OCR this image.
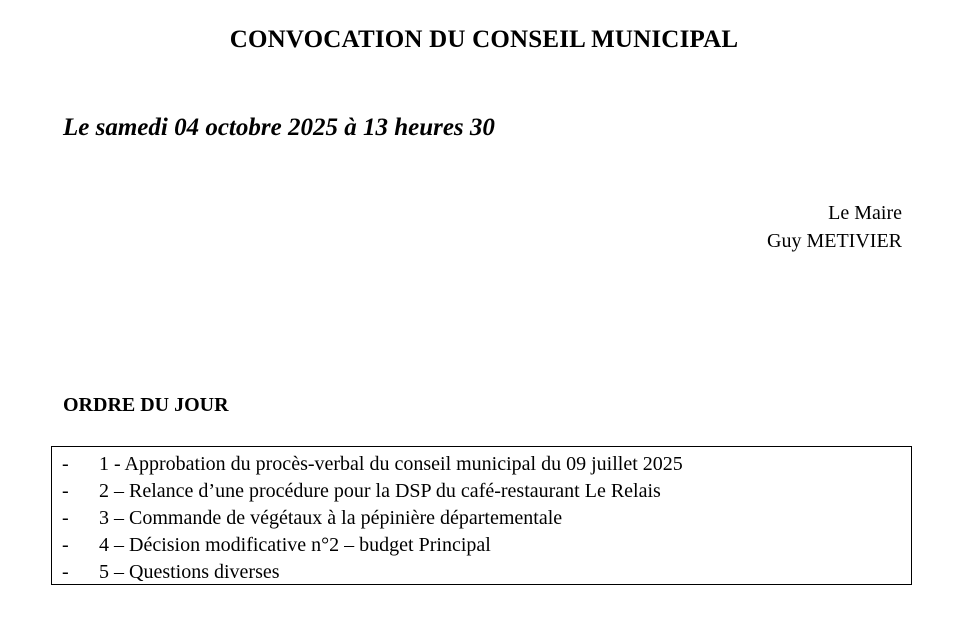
CONVOCATION DU CONSEIL MUNICIPAL

Le samedi 04 octobre 2025 à 13 heures 30

Le Maire
Guy METIVIER
ORDRE DU JOUR
-	1 - Approbation du procès-verbal du conseil municipal du 09 juillet 2025
-	2 – Relance d’une procédure pour la DSP du café-restaurant Le Relais
-	3 – Commande de végétaux à la pépinière départementale
-	4 – Décision modificative n°2 – budget Principal
-	5 – Questions diverses
